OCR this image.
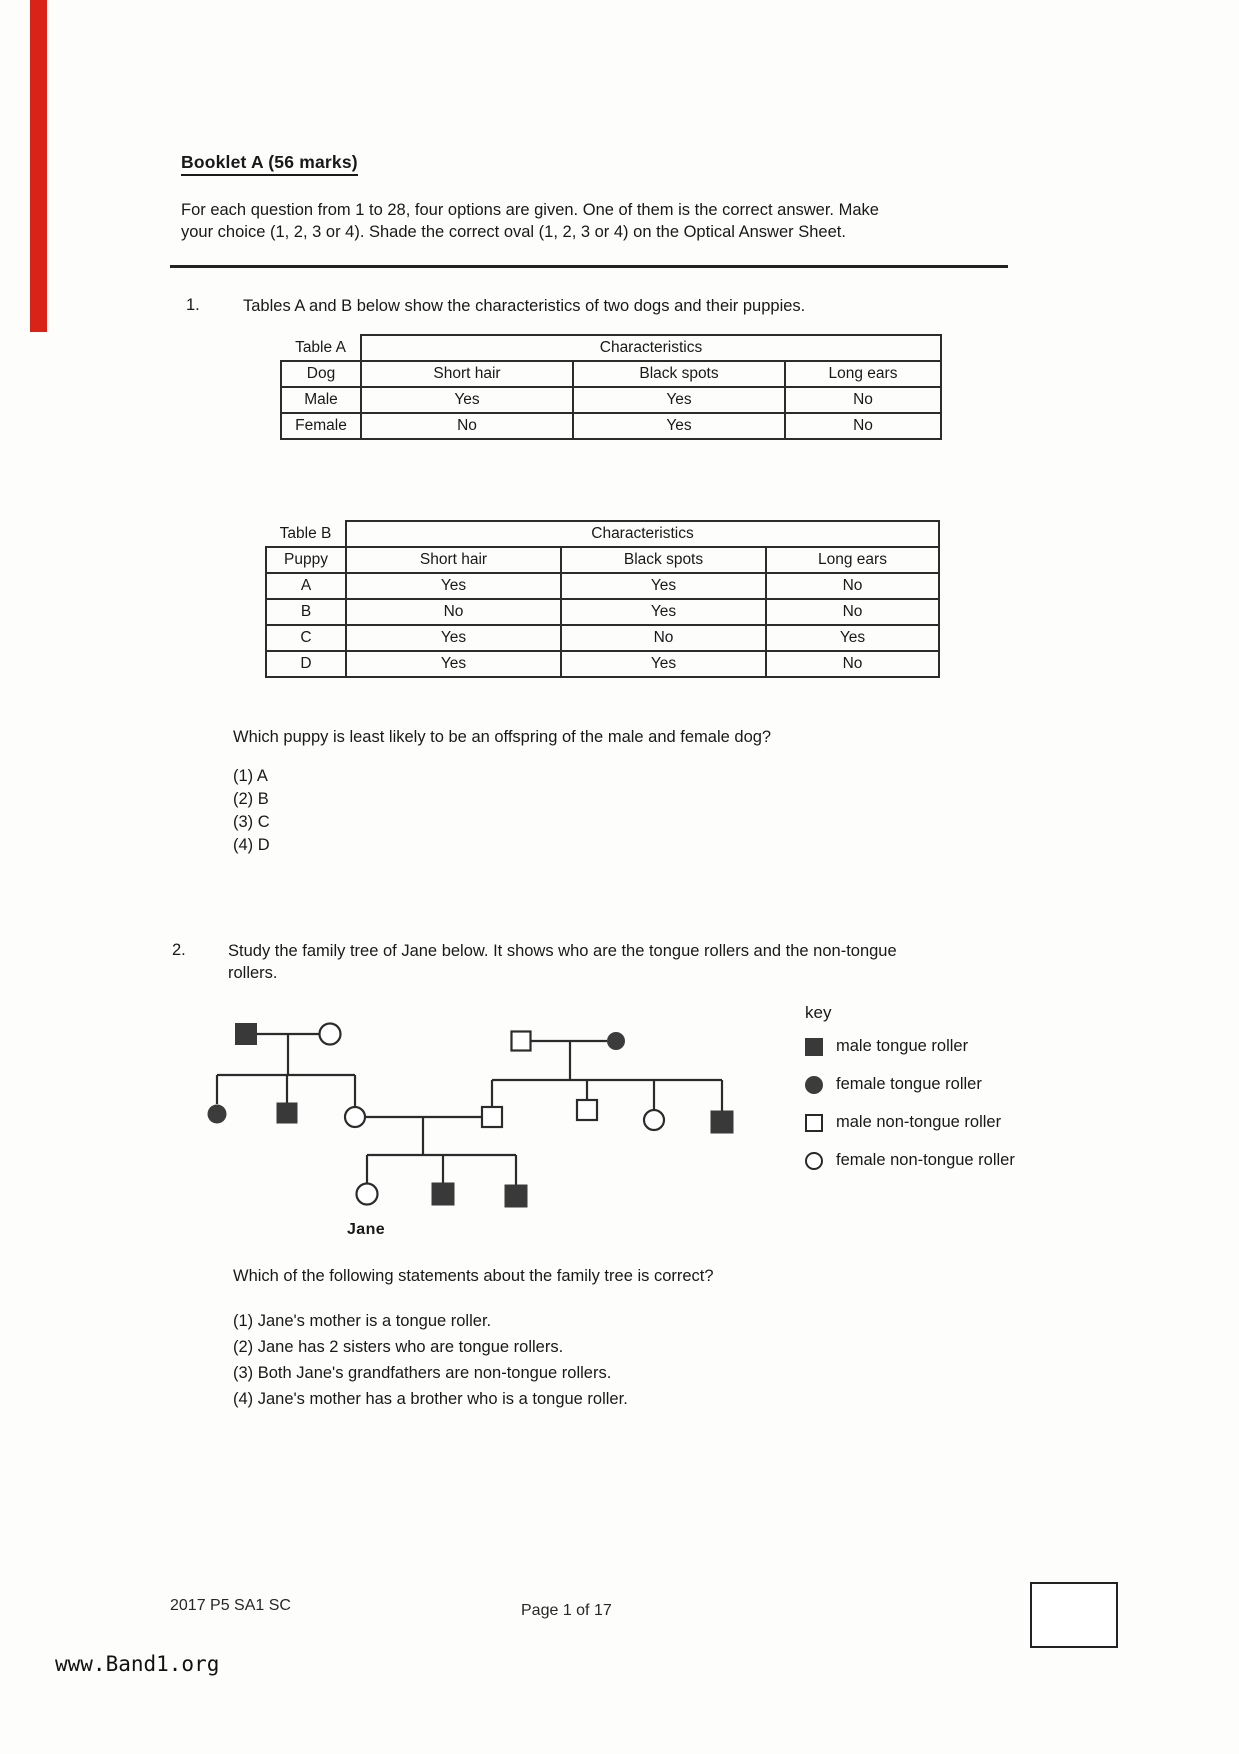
Booklet A (56 marks)
For each question from 1 to 28, four options are given. One of them is the correct answer. Make
your choice (1, 2, 3 or 4). Shade the correct oval (1, 2, 3 or 4) on the Optical Answer Sheet.
1.	Tables A and B below show the characteristics of two dogs and their puppies.
Table A	Characteristics		
Dog	Short hair	Black spots	Long ears
Male	Yes	Yes	No
Female	No	Yes	No
Table B	Characteristics		
Puppy	Short hair	Black spots	Long ears
A	Yes	Yes	No
B	No	Yes	No
C	Yes	No	Yes
D	Yes	Yes	No
Which puppy is least likely to be an offspring of the male and female dog?
(1) A
(2) B
(3) C
(4) D
2.	Study the family tree of Jane below. It shows who are the tongue rollers and the non-tongue
rollers.
Jane
key
male tongue roller
female tongue roller
male non-tongue roller
female non-tongue roller
Which of the following statements about the family tree is correct?
(1) Jane's mother is a tongue roller.
(2) Jane has 2 sisters who are tongue rollers.
(3) Both Jane's grandfathers are non-tongue rollers.
(4) Jane's mother has a brother who is a tongue roller.
2017 P5 SA1 SC	Page 1 of 17
www.Band1.org
